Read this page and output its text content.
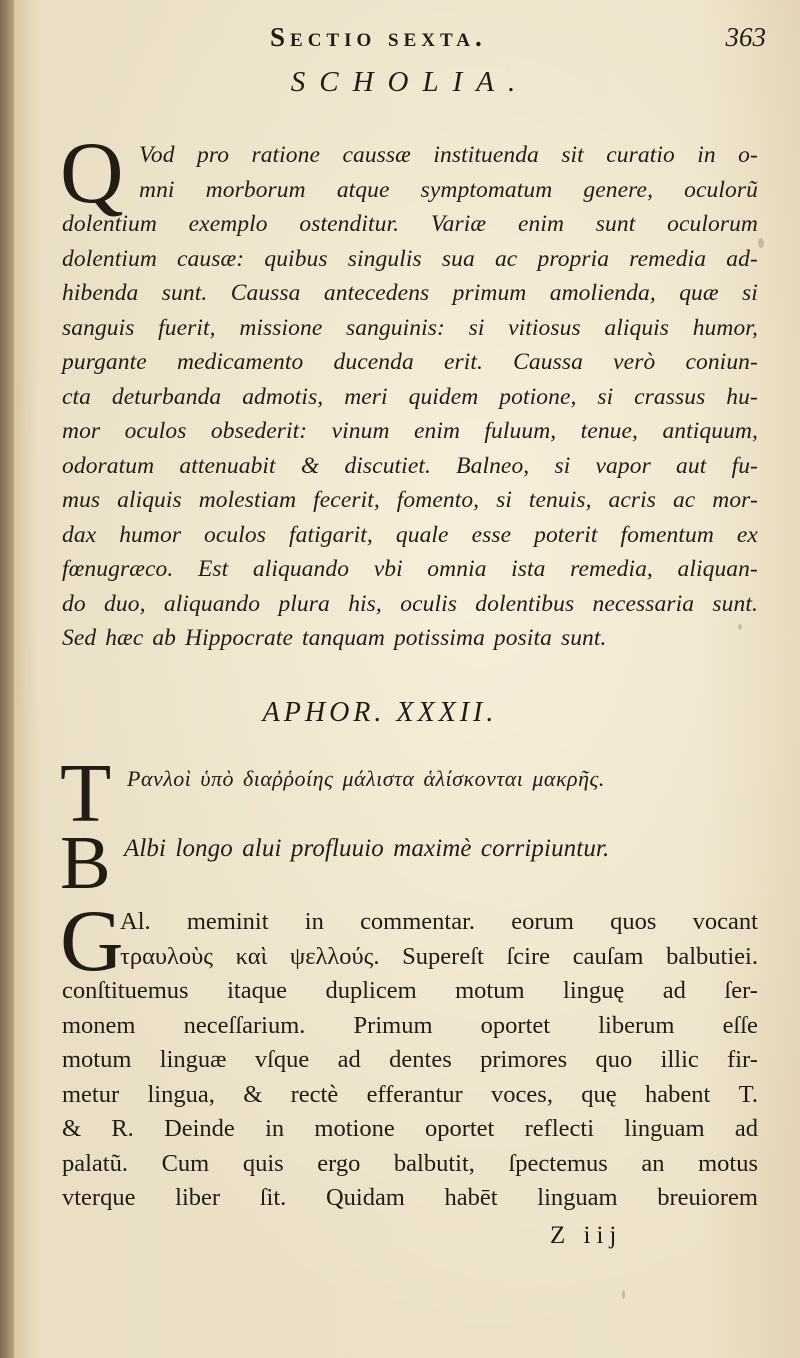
Sectio sexta.	363
SCHOLIA.
Q Vod pro ratione caussæ instituenda sit curatio in o-
mni morborum atque symptomatum genere, oculorũ
dolentium exemplo ostenditur. Variæ enim sunt oculorum
dolentium causæ: quibus singulis sua ac propria remedia ad-
hibenda sunt. Caussa antecedens primum amolienda, quæ si
sanguis fuerit, missione sanguinis: si vitiosus aliquis humor,
purgante medicamento ducenda erit. Caussa verò coniun-
cta deturbanda admotis, meri quidem potione, si crassus hu-
mor oculos obsederit: vinum enim fuluum, tenue, antiquum,
odoratum attenuabit & discutiet. Balneo, si vapor aut fu-
mus aliquis molestiam fecerit, fomento, si tenuis, acris ac mor-
dax humor oculos fatigarit, quale esse poterit fomentum ex
fœnugræco. Est aliquando vbi omnia ista remedia, aliquan-
do duo, aliquando plura his, oculis dolentibus necessaria sunt.
Sed hæc ab Hippocrate tanquam potissima posita sunt.
APHOR. XXXII.
T Ρανλοὶ ὑπὸ διαῤῥοίης μάλιστα ἁλίσκονται μακρῆς.
B Albi longo alui profluuio maximè corripiuntur.
G
Al. meminit in commentar. eorum quos vocant
τραυλοὺς καὶ ψελλούς. Supereſt ſcire cauſam balbutiei.
conſtituemus itaque duplicem motum linguę ad ſer-
monem neceſſarium. Primum oportet liberum eſſe
motum linguæ vſque ad dentes primores quo illic fir-
metur lingua, & rectè efferantur voces, quę habent T.
& R. Deinde in motione oportet reflecti linguam ad
palatũ. Cum quis ergo balbutit, ſpectemus an motus
vterque liber ſit. Quidam habēt linguam breuiorem
Z iij
